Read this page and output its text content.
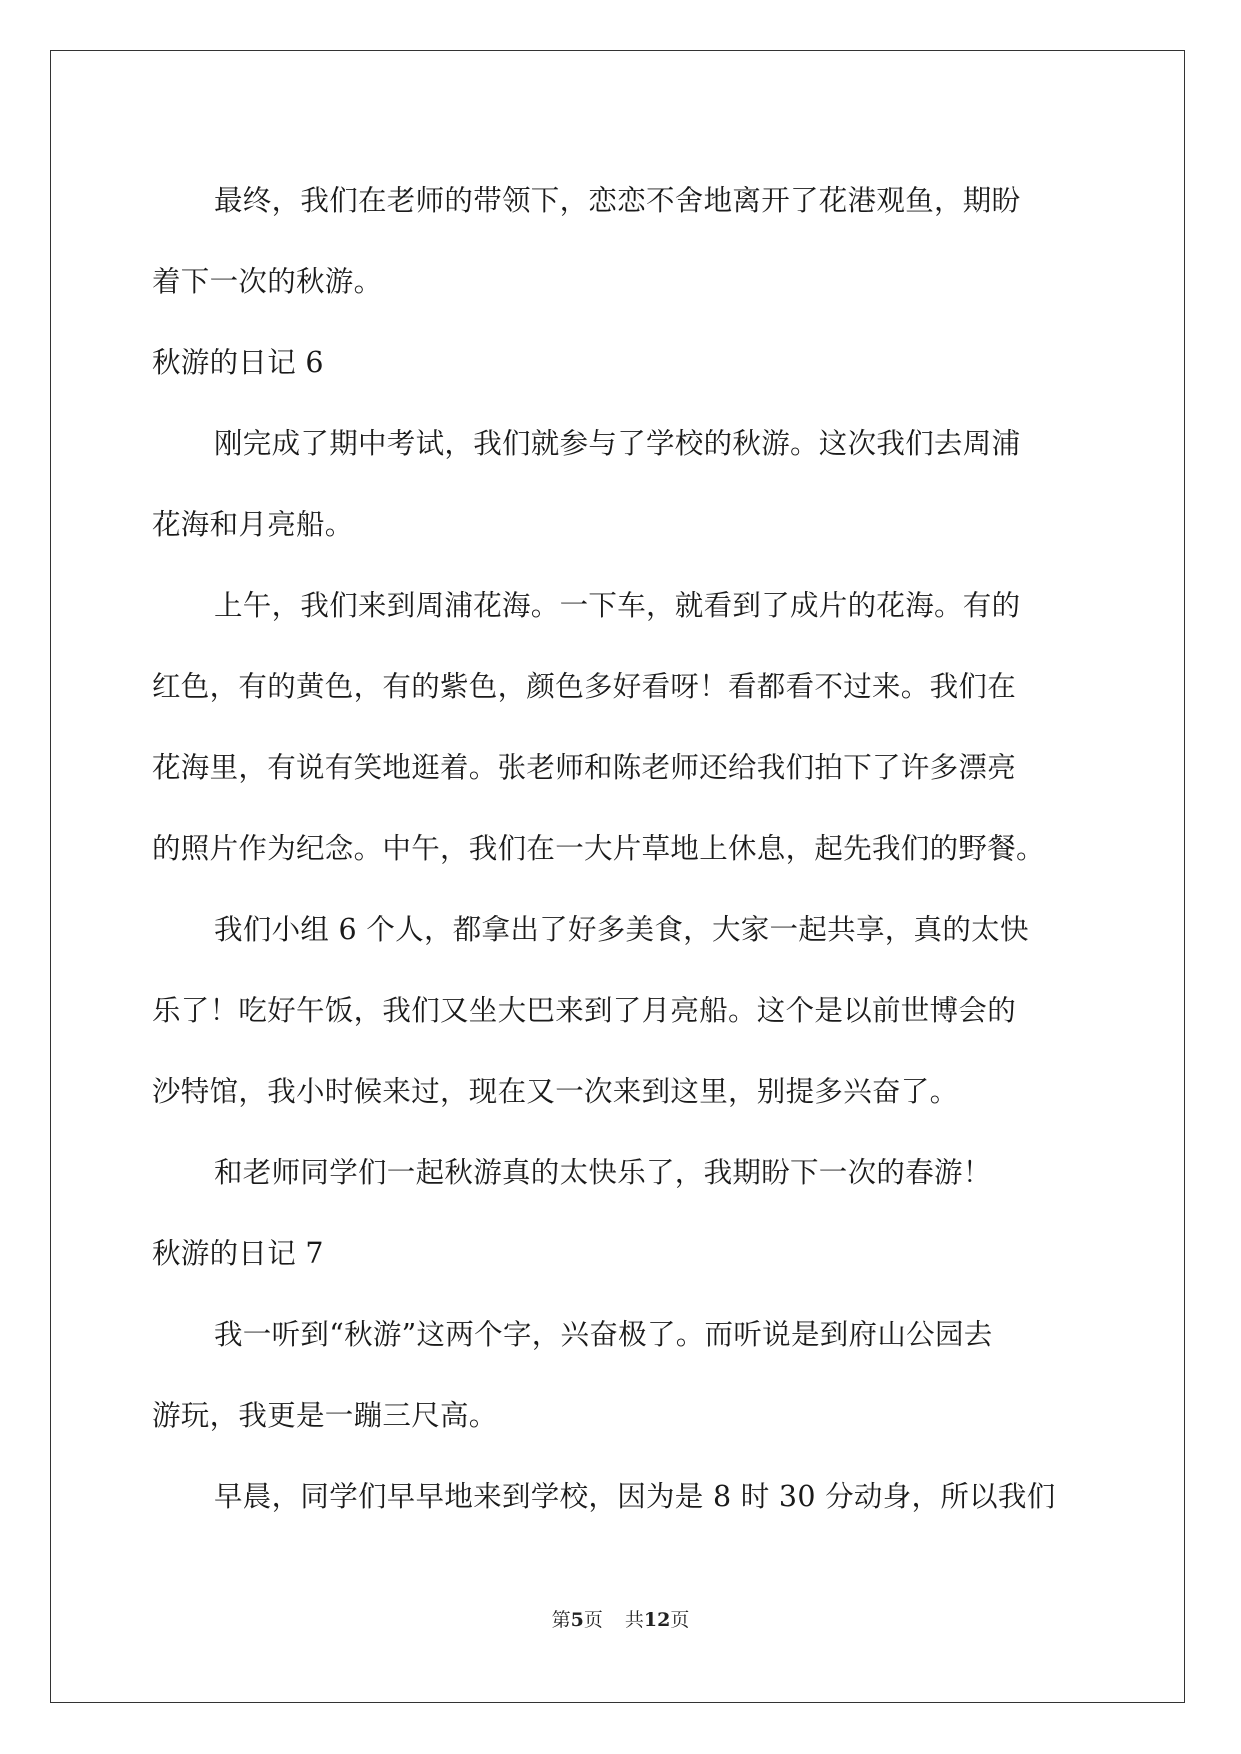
最终，我们在老师的带领下，恋恋不舍地离开了花港观鱼，期盼

着下一次的秋游。

秋游的日记 6

刚完成了期中考试，我们就参与了学校的秋游。这次我们去周浦

花海和月亮船。

上午，我们来到周浦花海。一下车，就看到了成片的花海。有的

红色，有的黄色，有的紫色，颜色多好看呀！看都看不过来。我们在

花海里，有说有笑地逛着。张老师和陈老师还给我们拍下了许多漂亮

的照片作为纪念。中午，我们在一大片草地上休息，起先我们的野餐。

我们小组 6 个人，都拿出了好多美食，大家一起共享，真的太快

乐了！吃好午饭，我们又坐大巴来到了月亮船。这个是以前世博会的

沙特馆，我小时候来过，现在又一次来到这里，别提多兴奋了。

和老师同学们一起秋游真的太快乐了，我期盼下一次的春游！

秋游的日记 7

我一听到“秋游”这两个字，兴奋极了。而听说是到府山公园去

游玩，我更是一蹦三尺高。

早晨，同学们早早地来到学校，因为是 8 时 30 分动身，所以我们

第5页 共12页
